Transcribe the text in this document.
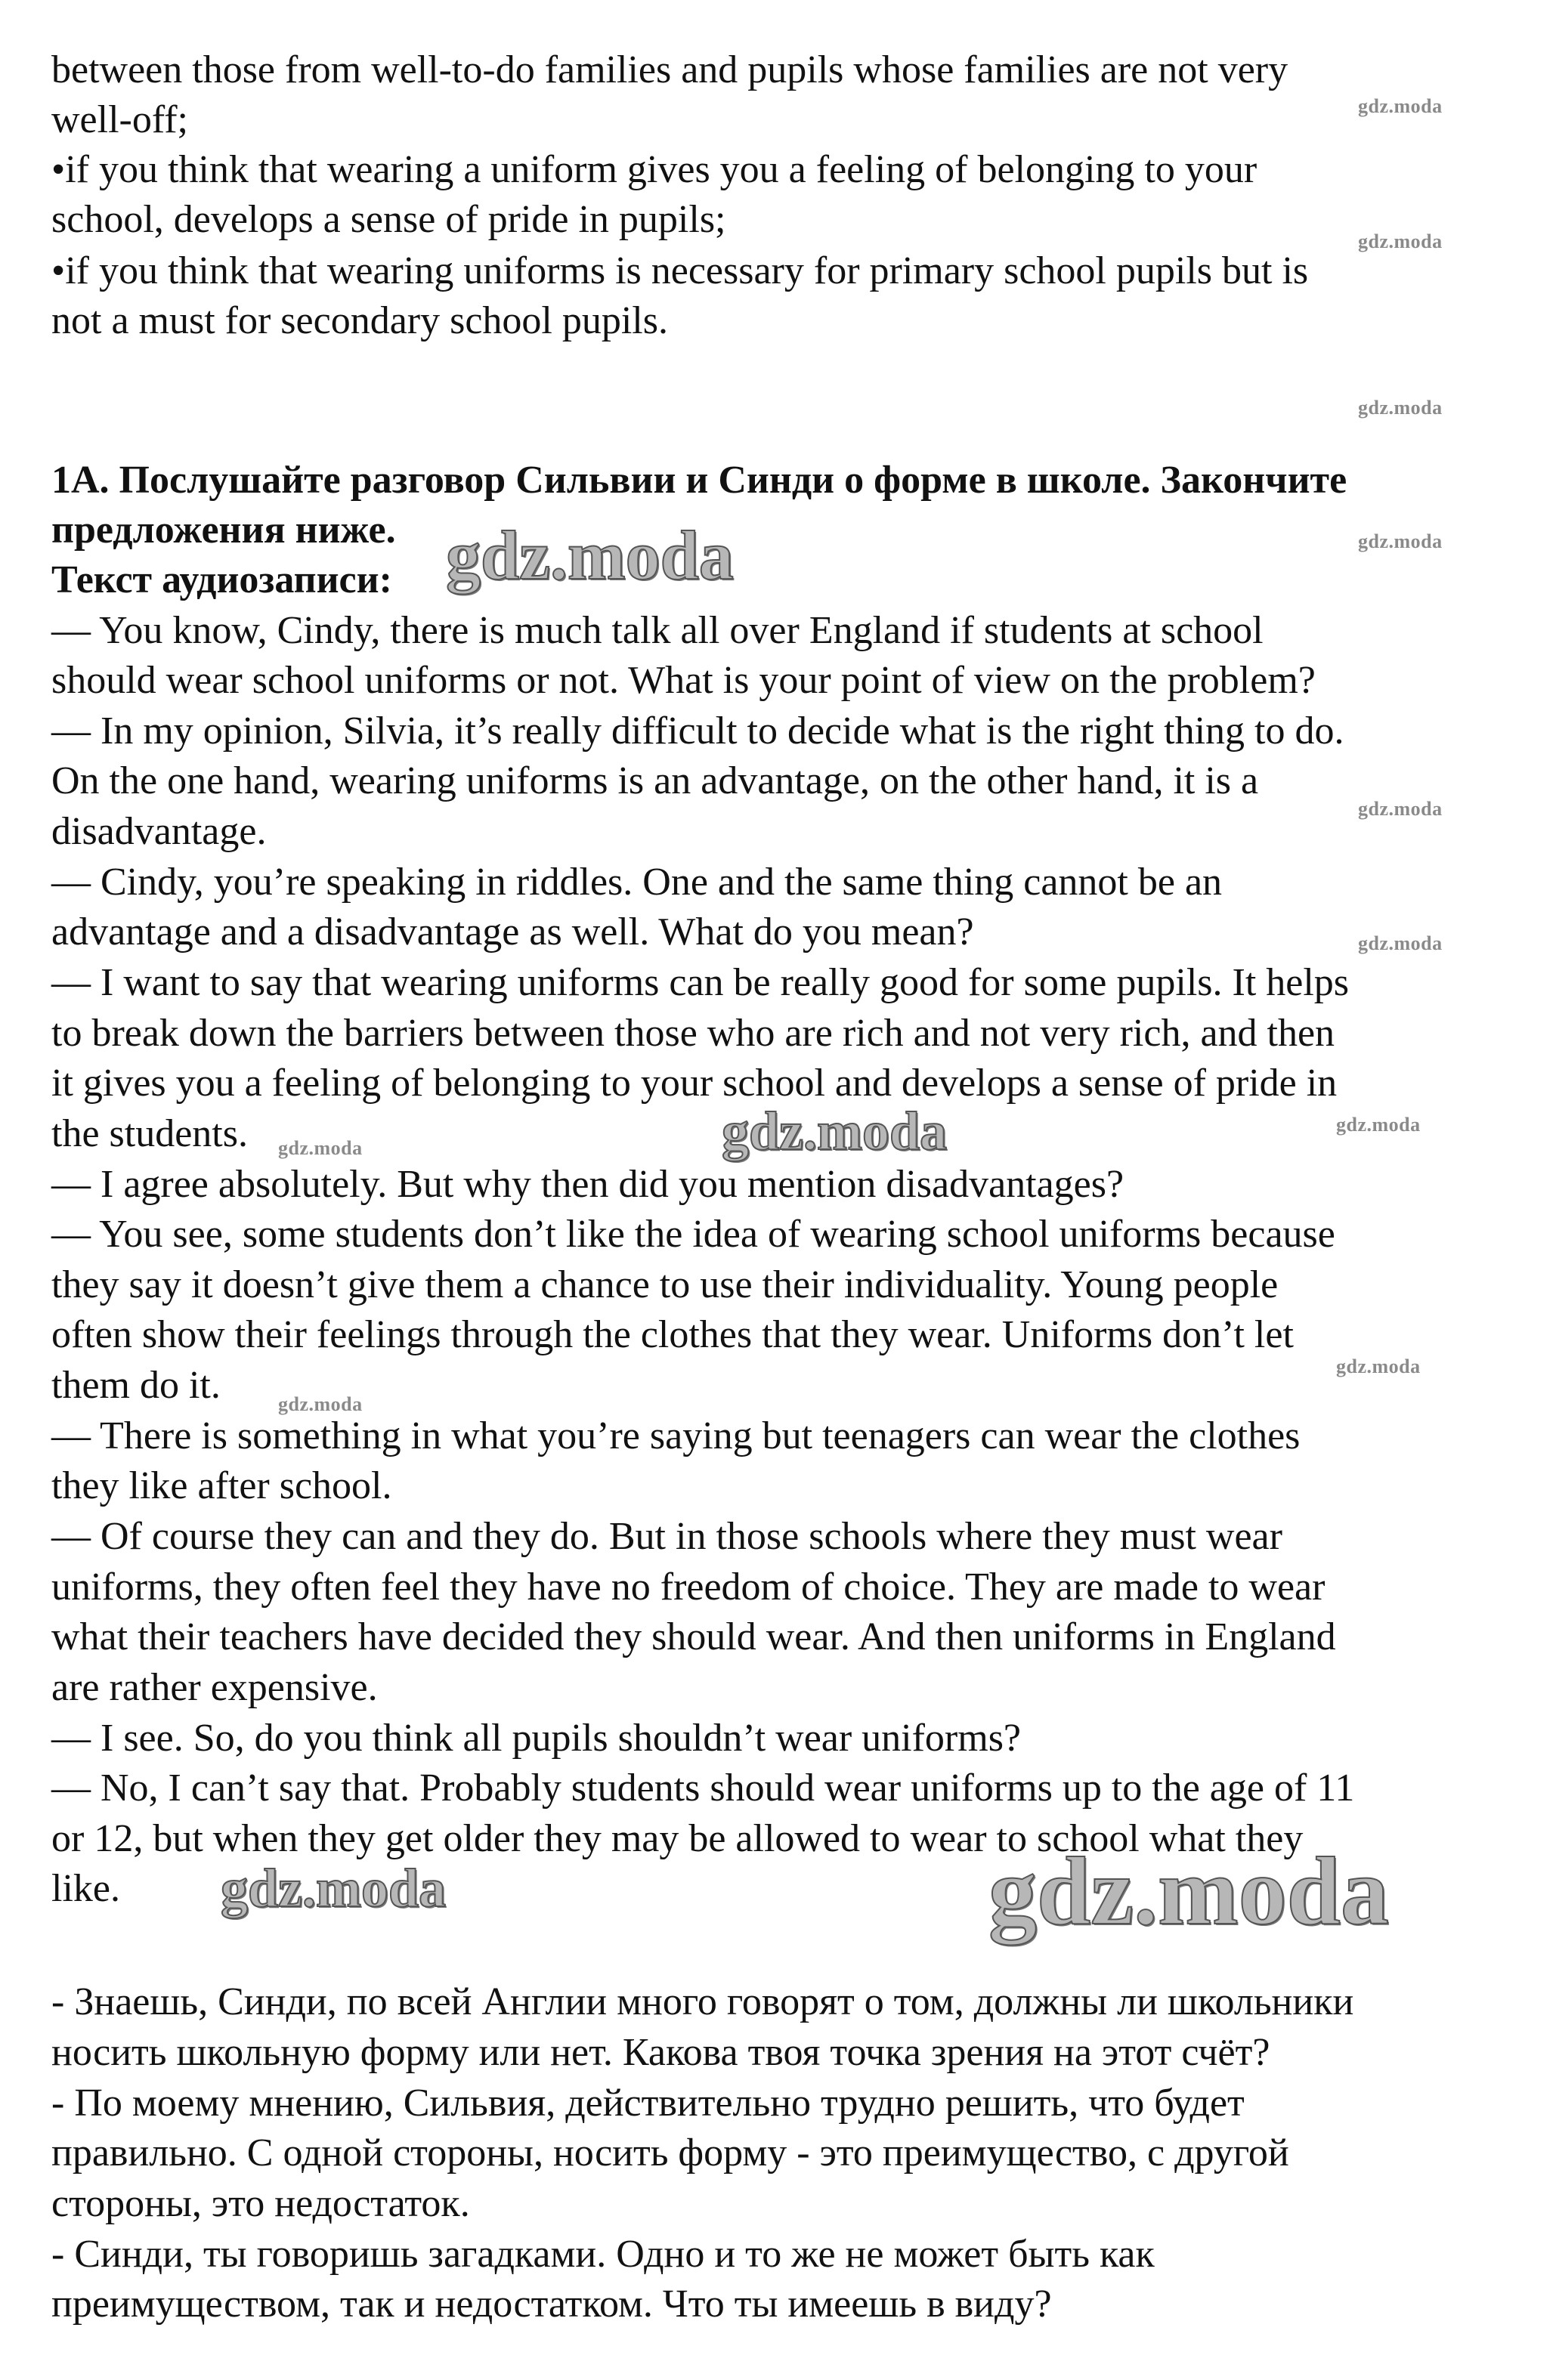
between those from well-to-do families and pupils whose families are not very

well-off;

•if you think that wearing a uniform gives you a feeling of belonging to your

school, develops a sense of pride in pupils;

•if you think that wearing uniforms is necessary for primary school pupils but is

not a must for secondary school pupils.

1A. Послушайте разговор Сильвии и Синди о форме в школе. Закончите

предложения ниже.

Текст аудиозаписи:

— You know, Cindy, there is much talk all over England if students at school

should wear school uniforms or not. What is your point of view on the problem?

— In my opinion, Silvia, it’s really difficult to decide what is the right thing to do.

On the one hand, wearing uniforms is an advantage, on the other hand, it is a

disadvantage.

— Cindy, you’re speaking in riddles. One and the same thing cannot be an

advantage and a disadvantage as well. What do you mean?

— I want to say that wearing uniforms can be really good for some pupils. It helps

to break down the barriers between those who are rich and not very rich, and then

it gives you a feeling of belonging to your school and develops a sense of pride in

the students.

— I agree absolutely. But why then did you mention disadvantages?

— You see, some students don’t like the idea of wearing school uniforms because

they say it doesn’t give them a chance to use their individuality. Young people

often show their feelings through the clothes that they wear. Uniforms don’t let

them do it.

— There is something in what you’re saying but teenagers can wear the clothes

they like after school.

— Of course they can and they do. But in those schools where they must wear

uniforms, they often feel they have no freedom of choice. They are made to wear

what their teachers have decided they should wear. And then uniforms in England

are rather expensive.

— I see. So, do you think all pupils shouldn’t wear uniforms?

— No, I can’t say that. Probably students should wear uniforms up to the age of 11

or 12, but when they get older they may be allowed to wear to school what they

like.

- Знаешь, Синди, по всей Англии много говорят о том, должны ли школьники

носить школьную форму или нет. Какова твоя точка зрения на этот счёт?

- По моему мнению, Сильвия, действительно трудно решить, что будет

правильно. С одной стороны, носить форму - это преимущество, с другой

стороны, это недостаток.

- Синди, ты говоришь загадками. Одно и то же не может быть как

преимуществом, так и недостатком. Что ты имеешь в виду?

gdz.moda
gdz.moda
gdz.moda
gdz.moda
gdz.moda
gdz.moda
gdz.moda
gdz.moda
gdz.moda
gdz.moda
gdz.moda
gdz.moda
gdz.moda	gdz.moda
